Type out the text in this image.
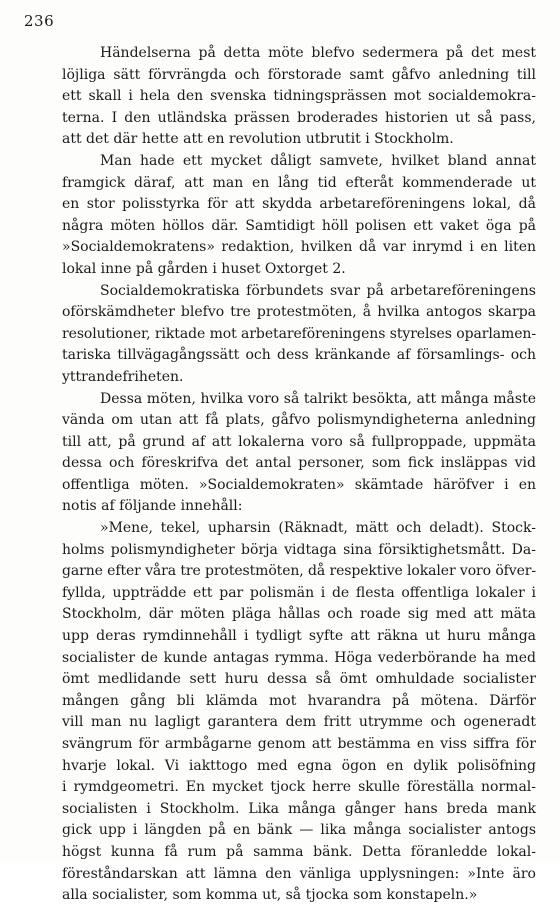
236
Händelserna på detta möte blefvo sedermera på det mest
löjliga sätt förvrängda och förstorade samt gåfvo anledning till
ett skall i hela den svenska tidningsprässen mot socialdemokra-
terna. I den utländska prässen broderades historien ut så pass,
att det där hette att en revolution utbrutit i Stockholm.
Man hade ett mycket dåligt samvete, hvilket bland annat
framgick däraf, att man en lång tid efteråt kommenderade ut
en stor polisstyrka för att skydda arbetareföreningens lokal, då
några möten höllos där. Samtidigt höll polisen ett vaket öga på
»Socialdemokratens» redaktion, hvilken då var inrymd i en liten
lokal inne på gården i huset Oxtorget 2.
Socialdemokratiska förbundets svar på arbetareföreningens
oförskämdheter blefvo tre protestmöten, å hvilka antogos skarpa
resolutioner, riktade mot arbetareföreningens styrelses oparlamen-
tariska tillvägagångssätt och dess kränkande af församlings- och
yttrandefriheten.
Dessa möten, hvilka voro så talrikt besökta, att många måste
vända om utan att få plats, gåfvo polismyndigheterna anledning
till att, på grund af att lokalerna voro så fullproppade, uppmäta
dessa och föreskrifva det antal personer, som fick insläppas vid
offentliga möten. »Socialdemokraten» skämtade häröfver i en
notis af följande innehåll:
»Mene, tekel, upharsin (Räknadt, mätt och deladt). Stock-
holms polismyndigheter börja vidtaga sina försiktighetsmått. Da-
garne efter våra tre protestmöten, då respektive lokaler voro öfver-
fyllda, uppträdde ett par polismän i de flesta offentliga lokaler i
Stockholm, där möten pläga hållas och roade sig med att mäta
upp deras rymdinnehåll i tydligt syfte att räkna ut huru många
socialister de kunde antagas rymma. Höga vederbörande ha med
ömt medlidande sett huru dessa så ömt omhuldade socialister
mången gång bli klämda mot hvarandra på mötena. Därför
vill man nu lagligt garantera dem fritt utrymme och ogeneradt
svängrum för armbågarne genom att bestämma en viss siffra för
hvarje lokal. Vi iakttogo med egna ögon en dylik polisöfning
i rymdgeometri. En mycket tjock herre skulle föreställa normal-
socialisten i Stockholm. Lika många gånger hans breda mank
gick upp i längden på en bänk — lika många socialister antogs
högst kunna få rum på samma bänk. Detta föranledde lokal-
föreståndarskan att lämna den vänliga upplysningen: »Inte äro
alla socialister, som komma ut, så tjocka som konstapeln.»
